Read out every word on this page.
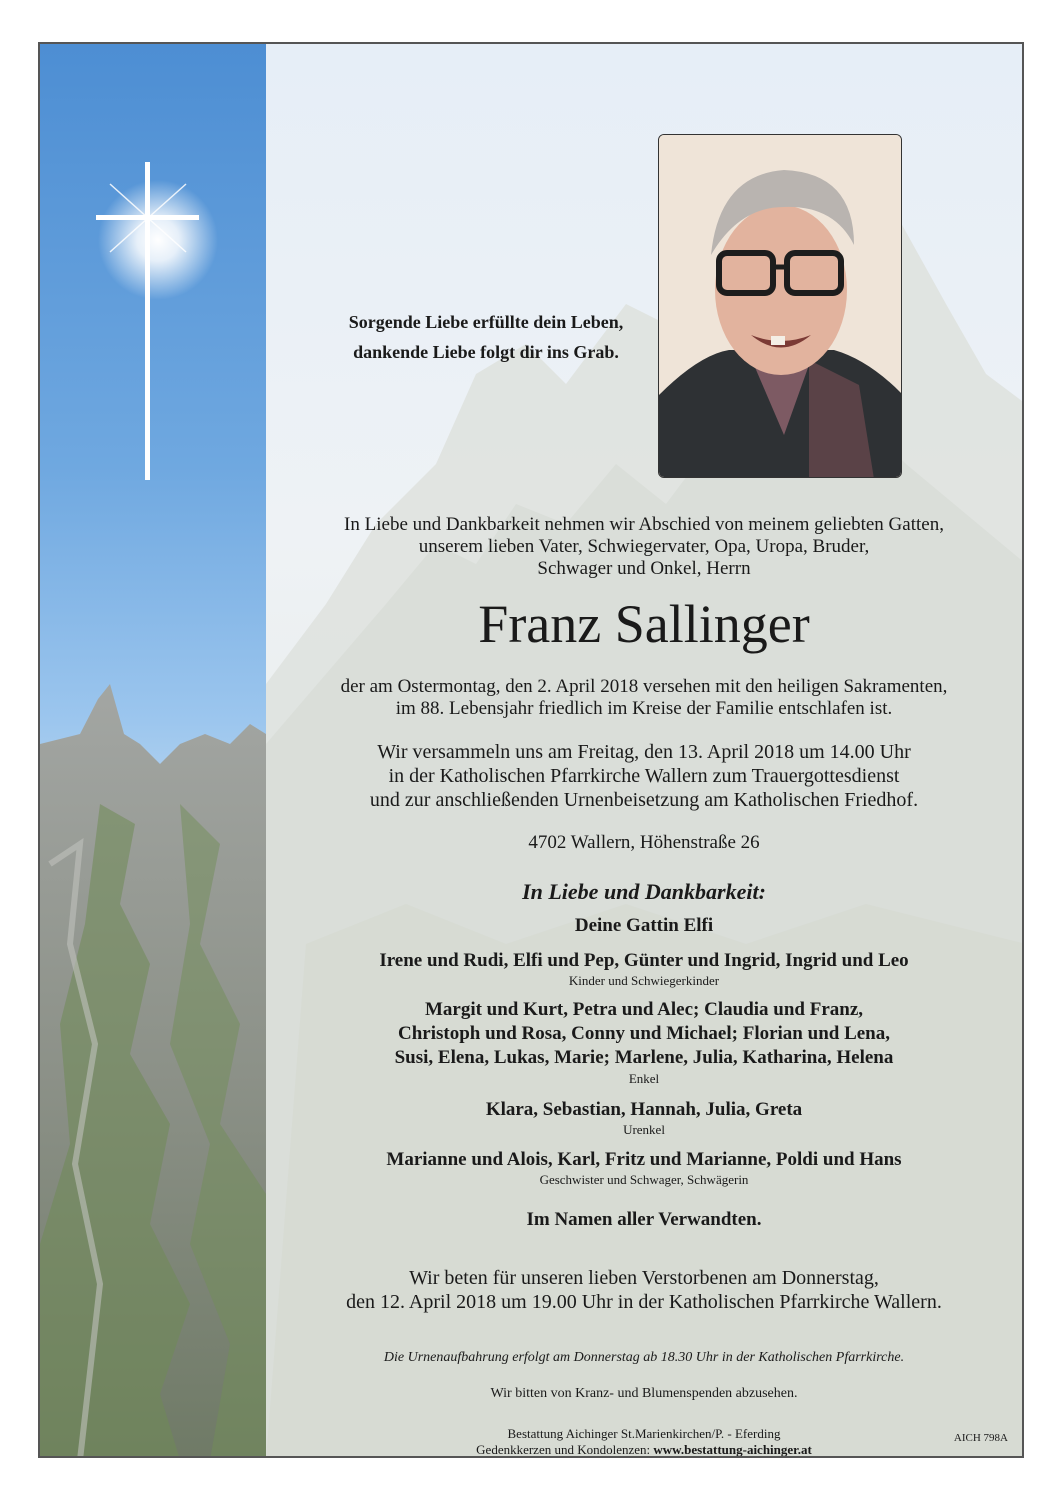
Sorgende Liebe erfüllte dein Leben,
dankende Liebe folgt dir ins Grab.
In Liebe und Dankbarkeit nehmen wir Abschied von meinem geliebten Gatten,
unserem lieben Vater, Schwiegervater, Opa, Uropa, Bruder,
Schwager und Onkel, Herrn
Franz Sallinger
der am Ostermontag, den 2. April 2018 versehen mit den heiligen Sakramenten,
im 88. Lebensjahr friedlich im Kreise der Familie entschlafen ist.
Wir versammeln uns am Freitag, den 13. April 2018 um 14.00 Uhr
in der Katholischen Pfarrkirche Wallern zum Trauergottesdienst
und zur anschließenden Urnenbeisetzung am Katholischen Friedhof.
4702 Wallern, Höhenstraße 26
In Liebe und Dankbarkeit:
Deine Gattin Elfi
Irene und Rudi, Elfi und Pep, Günter und Ingrid, Ingrid und Leo
Kinder und Schwiegerkinder
Margit und Kurt, Petra und Alec; Claudia und Franz,
Christoph und Rosa, Conny und Michael; Florian und Lena,
Susi, Elena, Lukas, Marie; Marlene, Julia, Katharina, Helena
Enkel
Klara, Sebastian, Hannah, Julia, Greta
Urenkel
Marianne und Alois, Karl, Fritz und Marianne, Poldi und Hans
Geschwister und Schwager, Schwägerin
Im Namen aller Verwandten.
Wir beten für unseren lieben Verstorbenen am Donnerstag,
den 12. April 2018 um 19.00 Uhr in der Katholischen Pfarrkirche Wallern.
Die Urnenaufbahrung erfolgt am Donnerstag ab 18.30 Uhr in der Katholischen Pfarrkirche.
Wir bitten von Kranz- und Blumenspenden abzusehen.
Bestattung Aichinger St.Marienkirchen/P. - Eferding
Gedenkkerzen und Kondolenzen: www.bestattung-aichinger.at
AICH 798A
